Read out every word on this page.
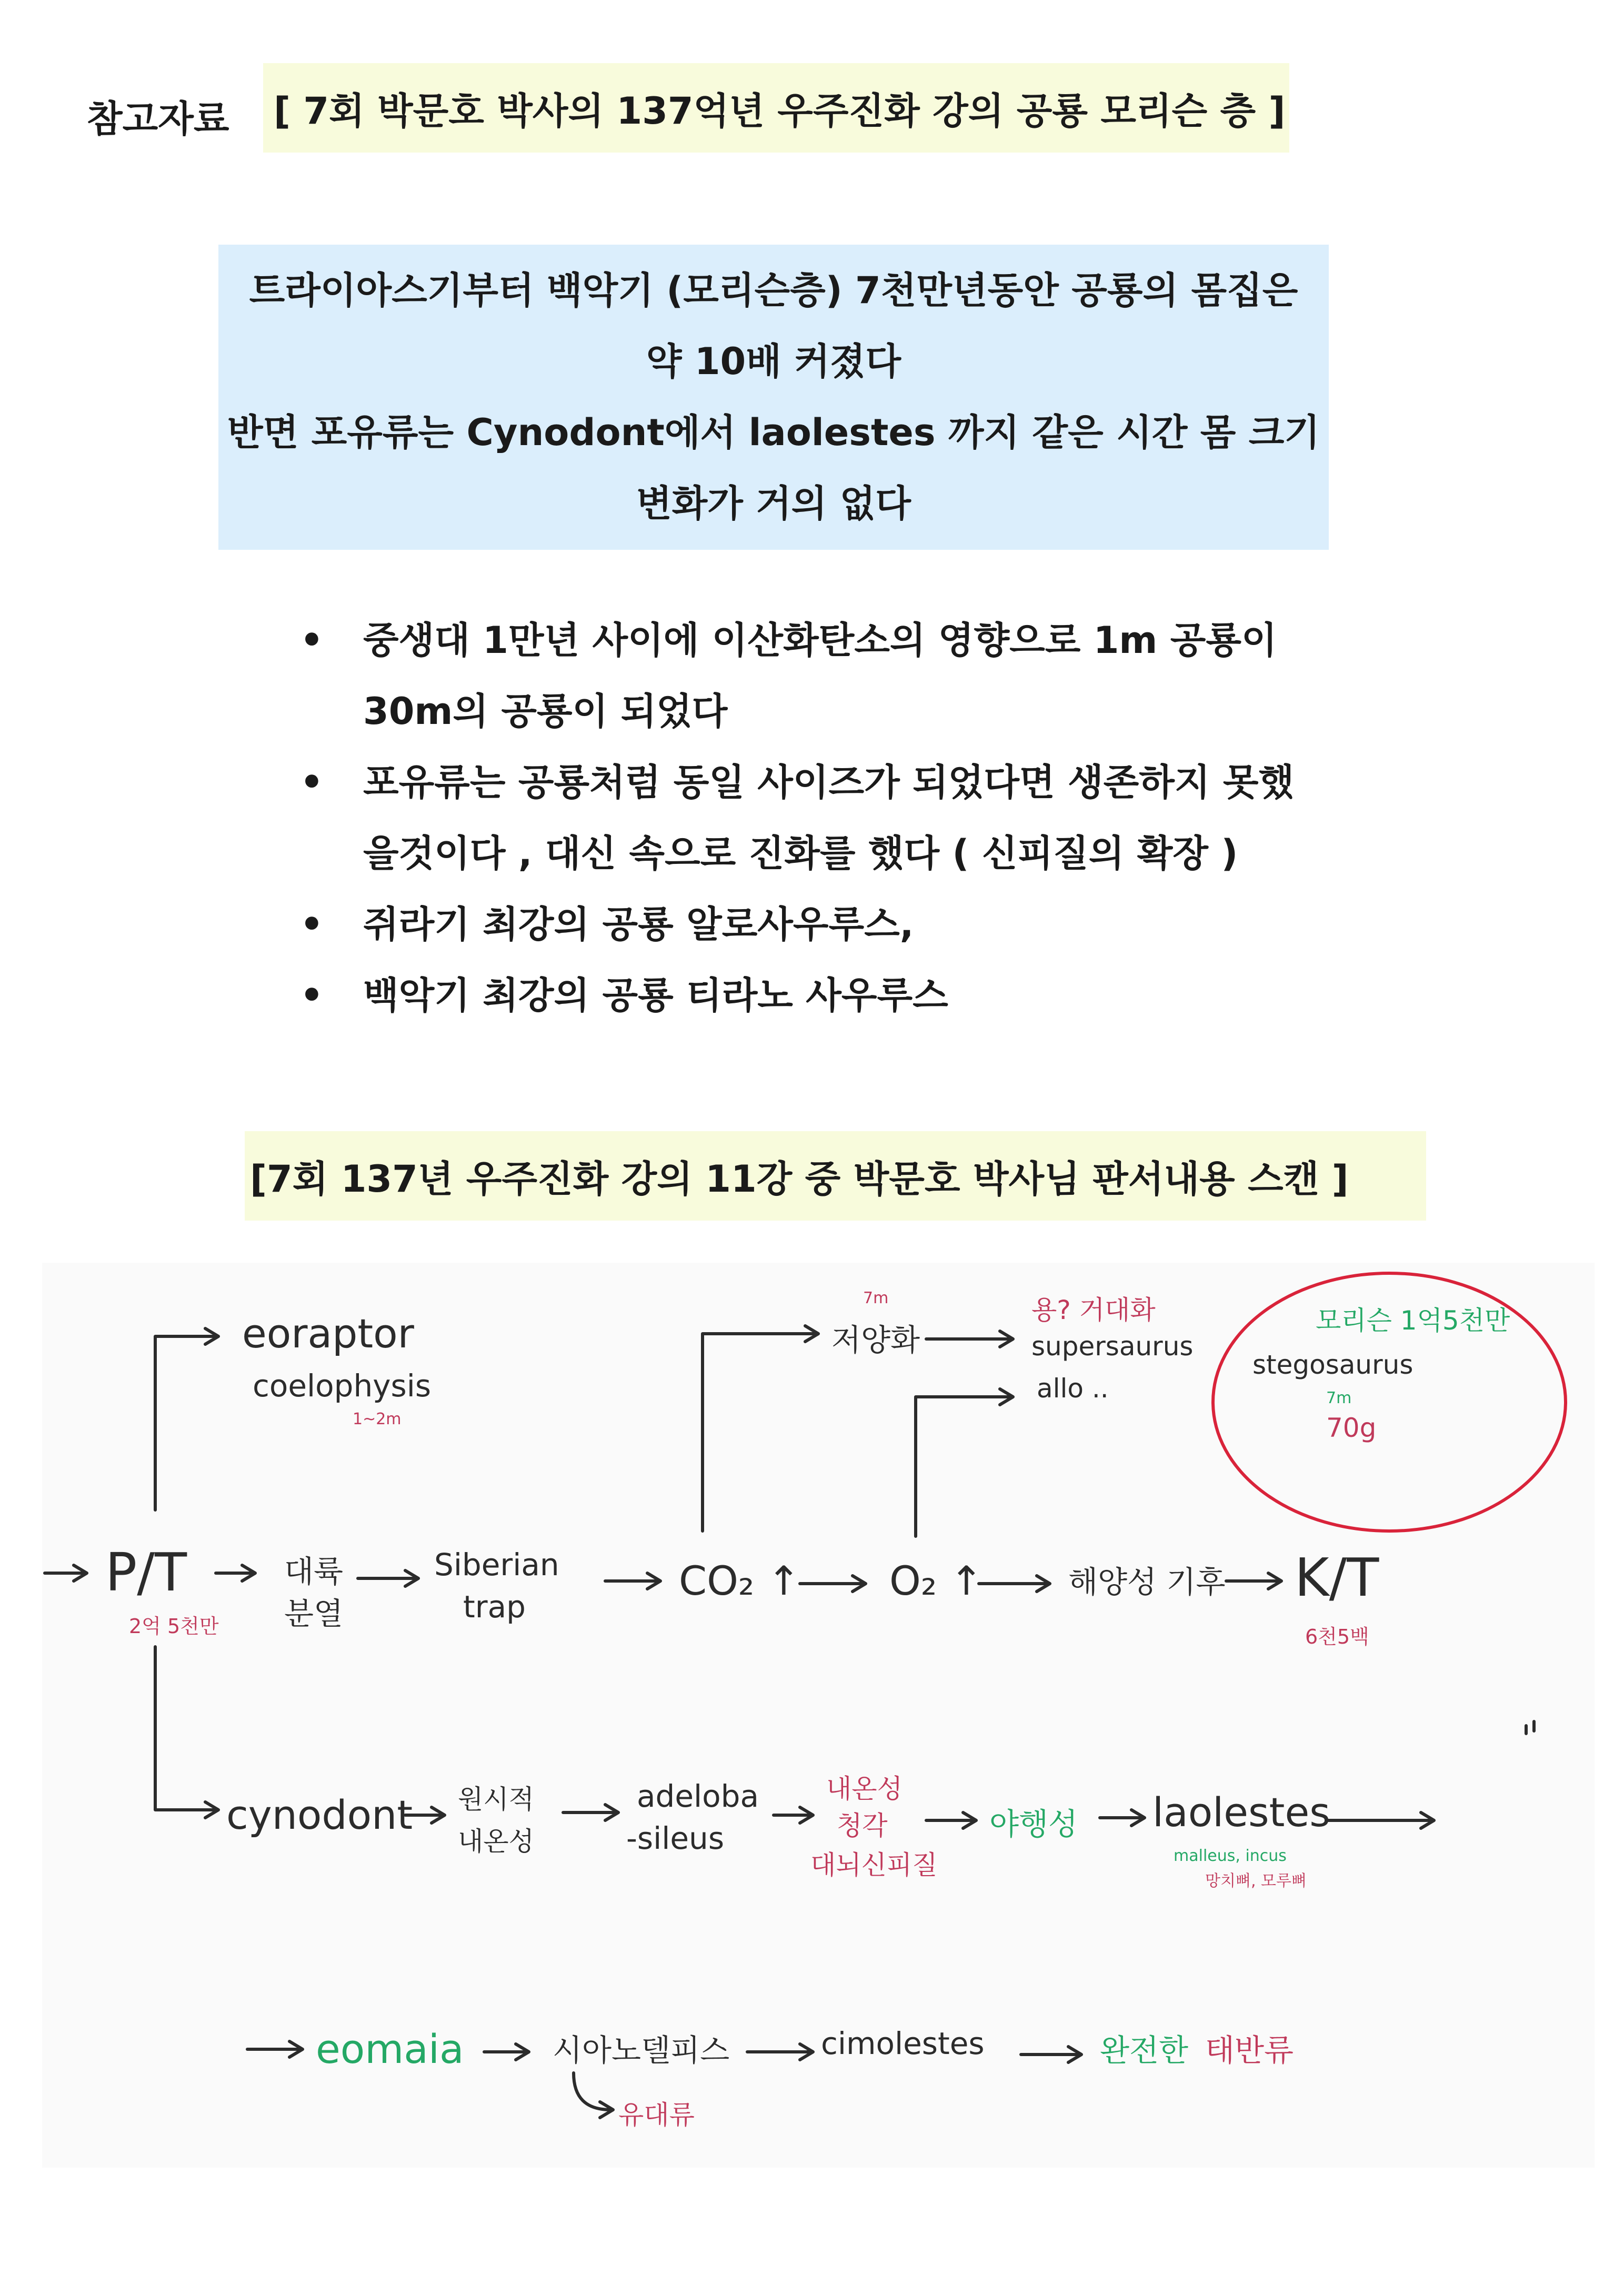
참고자료 [ 7회 박문호 박사의 137억년 우주진화 강의 공룡 모리슨 층 ]
트라이아스기부터 백악기 (모리슨층) 7천만년동안 공룡의 몸집은
약 10배 커졌다
반면 포유류는 Cynodont에서 laolestes 까지 같은 시간 몸 크기
변화가 거의 없다
• 중생대 1만년 사이에 이산화탄소의 영향으로 1m 공룡이
30m의 공룡이 되었다
• 포유류는 공룡처럼 동일 사이즈가 되었다면 생존하지 못했
을것이다 , 대신 속으로 진화를 했다 ( 신피질의 확장 )
• 쥐라기 최강의 공룡 알로사우루스,
• 백악기 최강의 공룡 티라노 사우루스
[7회 137년 우주진화 강의 11강 중 박문호 박사님 판서내용 스캔 ]
eoraptor
coelophysis
1~2m
P/T
2억 5천만
대륙
분열
Siberian
trap
CO₂ ↑ O₂ ↑	해양성 기후 K/T
6천5백
7m
저양화
용? 거대화
supersaurus
allo ..
모리슨 1억5천만
stegosaurus
7m
70g
cynodont 원시적
내온성
adeloba
-sileus
내온성
청각
대뇌신피질
야행성 laolestes
malleus, incus
망치뼈, 모루뼈
eomaia	시아노델피스
유대류
cimolestes	완전한 태반류
